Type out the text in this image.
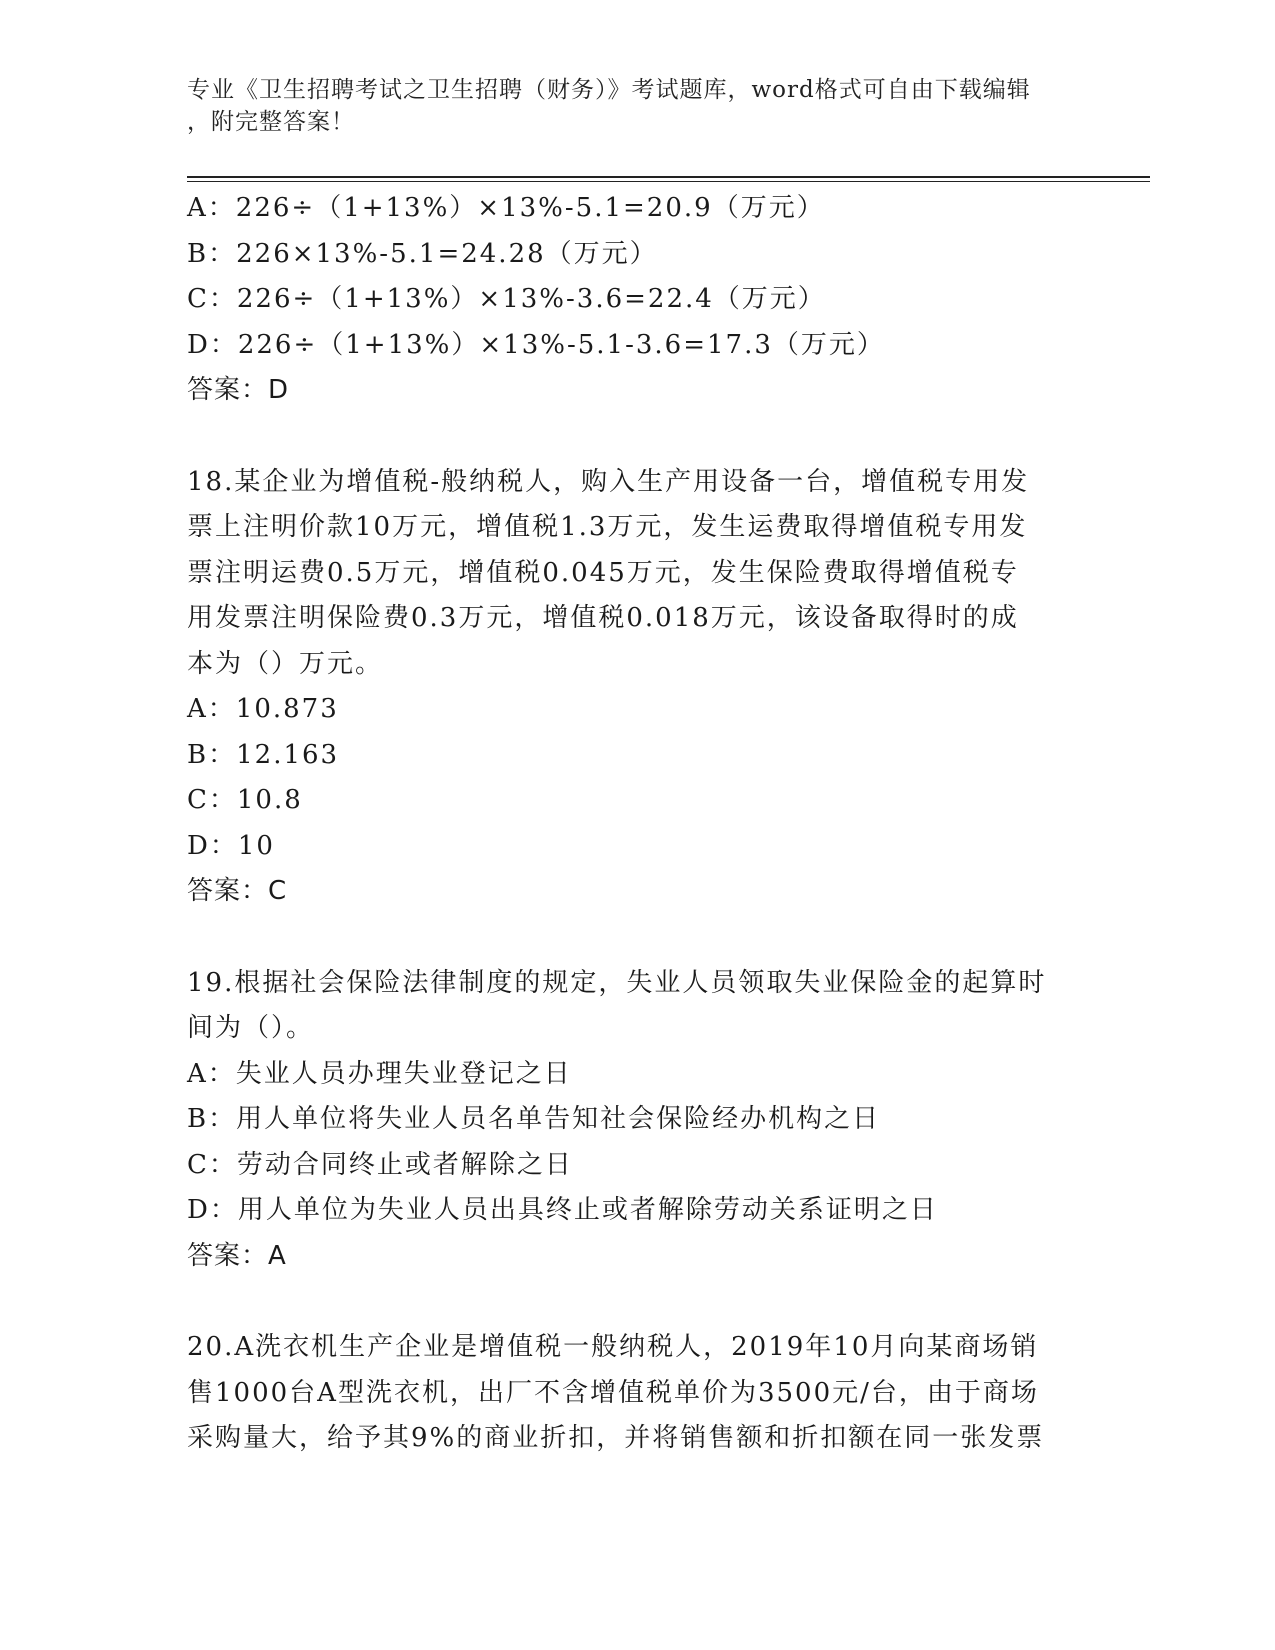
专业《卫生招聘考试之卫生招聘（财务）》考试题库，word格式可自由下载编辑
，附完整答案！
A：226÷（1+13%）×13%-5.1=20.9（万元）
B：226×13%-5.1=24.28（万元）
C：226÷（1+13%）×13%-3.6=22.4（万元）
D：226÷（1+13%）×13%-5.1-3.6=17.3（万元）
答案：D
18.某企业为增值税-般纳税人，购入生产用设备一台，增值税专用发
票上注明价款10万元，增值税1.3万元，发生运费取得增值税专用发
票注明运费0.5万元，增值税0.045万元，发生保险费取得增值税专
用发票注明保险费0.3万元，增值税0.018万元，该设备取得时的成
本为（）万元。
A：10.873
B：12.163
C：10.8
D：10
答案：C
19.根据社会保险法律制度的规定，失业人员领取失业保险金的起算时
间为（）。
A：失业人员办理失业登记之日
B：用人单位将失业人员名单告知社会保险经办机构之日
C：劳动合同终止或者解除之日
D：用人单位为失业人员出具终止或者解除劳动关系证明之日
答案：A
20.A洗衣机生产企业是增值税一般纳税人，2019年10月向某商场销
售1000台A型洗衣机，出厂不含增值税单价为3500元/台，由于商场
采购量大，给予其9%的商业折扣，并将销售额和折扣额在同一张发票
